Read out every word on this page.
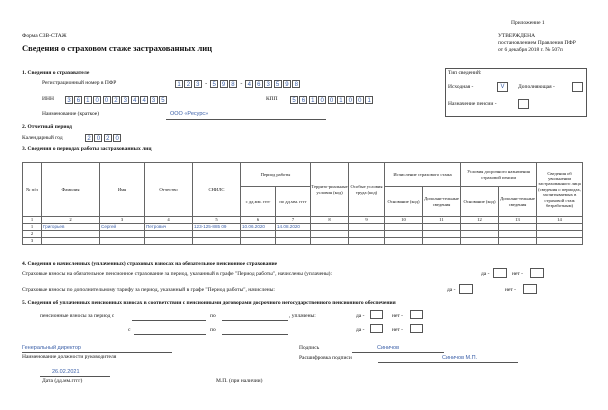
Приложение 1
Форма СЗВ-СТАЖ	УТВЕРЖДЕНА
постановлением Правления ПФР
от 6 декабря 2018 г. № 507п
Сведения о страховом стаже застрахованных лиц
1. Сведения о страхователе
Регистрационный номер в ПФР	1	2	3 - 5	9	8 - 4	6	3	5	9	8
ИНН	3	6	1	0	0	2	3	4	4	3	5	КПП	5	6	1	0	0	1	0	0	1
Наименование (краткое)	ООО «Ресурс»
Тип сведений:
Исходная -	V	Дополняющая -
Назначение пенсии -
2. Отчетный период
Календарный год	2	0	2	0
3. Сведения о периодах работы застрахованных лиц
№ п/п	Фамилия	Имя	Отчество	СНИЛС	Период работы		Террито-риальные условия (код)	Особые условия труда (код)	Исчисление страхового стажа		Условия досрочного назначения страховой пенсии		Сведения об увольнении застрахованного лица (сведения о периодах, засчитываемых в страховой стаж безработным)
					с дд.мм. гггг	по дд.мм. гггг			Основание (код)	Дополни-тельные сведения	Основание (код)	Дополни-тельные сведения	
1	2	3	4	5	6	7	8	9	10	11	12	13	14
1	Григорьев	Сергей	Петрович	123-125-885 09	10.06.2020	14.08.2020							
2													
3													
4. Сведения о начисленных (уплаченных) страховых взносах на обязательное пенсионное страхование
Страховые взносы на обязательное пенсионное страхование за период, указанный в графе "Период работы", начислены (уплачены):	да -	нет -
Страховые взносы по дополнительному тарифу за период, указанный в графе "Период работы", начислены:	да -	нет -
5. Сведения об уплаченных пенсионных взносах в соответствии с пенсионными договорами досрочного негосударственного пенсионного обеспечения
пенсионные взносы за период с	по	, уплачены:	да -	нет -
с	по	да -	нет -
Генеральный директор
Наименование должности руководителя
Подпись	Синичов
Расшифровка подписи	Синичов М.П.
26.02.2021
Дата (дд.мм.гггг)	М.П. (при наличии)
